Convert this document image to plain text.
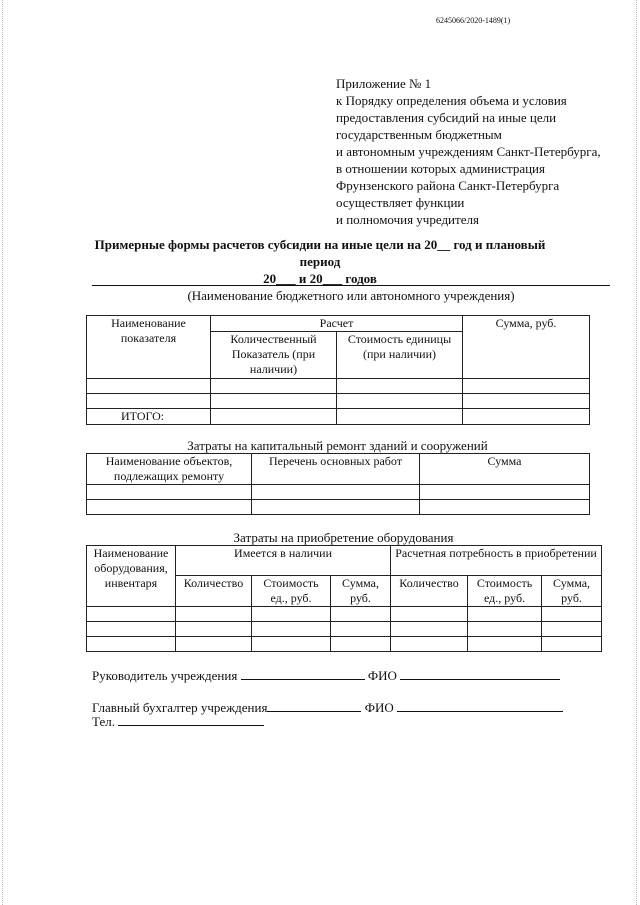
6245066/2020-1489(1)
Приложение № 1
к Порядку определения объема и условия
предоставления субсидий на иные цели
государственным бюджетным
и автономным учреждениям Санкт-Петербурга,
в отношении которых администрация
Фрунзенского района Санкт-Петербурга
осуществляет функции
и полномочия учредителя
Примерные формы расчетов субсидии на иные цели на 20__ год и плановый период
20___ и 20___ годов
(Наименование бюджетного или автономного учреждения)
Наименование показателя	Расчет		Сумма, руб.
	Количественный Показатель (при наличии)	Стоимость единицы (при наличии)	

ИТОГО:			
Затраты на капитальный ремонт зданий и сооружений
Наименование объектов, подлежащих ремонту	Перечень основных работ	Сумма

Затраты на приобретение оборудования
Наименование оборудования, инвентаря	Имеется в наличии			Расчетная потребность в приобретении		
	Количество	Стоимость ед., руб.	Сумма, руб.	Количество	Стоимость ед., руб.	Сумма, руб.

Руководитель учреждения	ФИО
Главный бухгалтер учреждения	ФИО
Тел.
